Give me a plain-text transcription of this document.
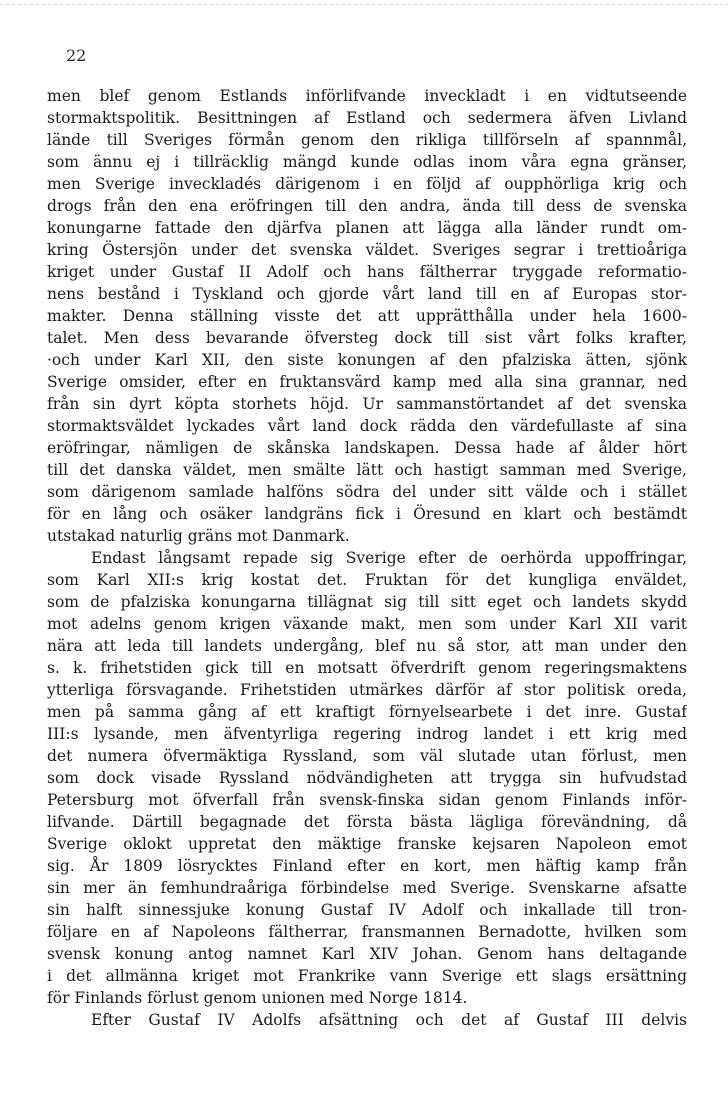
22
men blef genom Estlands införlifvande inveckladt i en vidtutseende
stormaktspolitik. Besittningen af Estland och sedermera äfven Livland
lände till Sveriges förmån genom den rikliga tillförseln af spannmål,
som ännu ej i tillräcklig mängd kunde odlas inom våra egna gränser,
men Sverige inveckladés därigenom i en följd af oupphörliga krig och
drogs från den ena eröfringen till den andra, ända till dess de svenska
konungarne fattade den djärfva planen att lägga alla länder rundt om-
kring Östersjön under det svenska väldet. Sveriges segrar i trettioåriga
kriget under Gustaf II Adolf och hans fältherrar tryggade reformatio-
nens bestånd i Tyskland och gjorde vårt land till en af Europas stor-
makter. Denna ställning visste det att upprätthålla under hela 1600-
talet. Men dess bevarande öfversteg dock till sist vårt folks krafter,
·och under Karl XII, den siste konungen af den pfalziska ätten, sjönk
Sverige omsider, efter en fruktansvärd kamp med alla sina grannar, ned
från sin dyrt köpta storhets höjd. Ur sammanstörtandet af det svenska
stormaktsväldet lyckades vårt land dock rädda den värdefullaste af sina
eröfringar, nämligen de skånska landskapen. Dessa hade af ålder hört
till det danska väldet, men smälte lätt och hastigt samman med Sverige,
som därigenom samlade halföns södra del under sitt välde och i stället
för en lång och osäker landgräns fick i Öresund en klart och bestämdt
utstakad naturlig gräns mot Danmark.
Endast långsamt repade sig Sverige efter de oerhörda uppoffringar,
som Karl XII:s krig kostat det. Fruktan för det kungliga enväldet,
som de pfalziska konungarna tillägnat sig till sitt eget och landets skydd
mot adelns genom krigen växande makt, men som under Karl XII varit
nära att leda till landets undergång, blef nu så stor, att man under den
s. k. frihetstiden gick till en motsatt öfverdrift genom regeringsmaktens
ytterliga försvagande. Frihetstiden utmärkes därför af stor politisk oreda,
men på samma gång af ett kraftigt förnyelsearbete i det inre. Gustaf
III:s lysande, men äfventyrliga regering indrog landet i ett krig med
det numera öfvermäktiga Ryssland, som väl slutade utan förlust, men
som dock visade Ryssland nödvändigheten att trygga sin hufvudstad
Petersburg mot öfverfall från svensk-finska sidan genom Finlands inför-
lifvande. Därtill begagnade det första bästa lägliga förevändning, då
Sverige oklokt uppretat den mäktige franske kejsaren Napoleon emot
sig. År 1809 lösrycktes Finland efter en kort, men häftig kamp från
sin mer än femhundraåriga förbindelse med Sverige. Svenskarne afsatte
sin halft sinnessjuke konung Gustaf IV Adolf och inkallade till tron-
följare en af Napoleons fältherrar, fransmannen Bernadotte, hvilken som
svensk konung antog namnet Karl XIV Johan. Genom hans deltagande
i det allmänna kriget mot Frankrike vann Sverige ett slags ersättning
för Finlands förlust genom unionen med Norge 1814.
Efter Gustaf IV Adolfs afsättning och det af Gustaf III delvis
